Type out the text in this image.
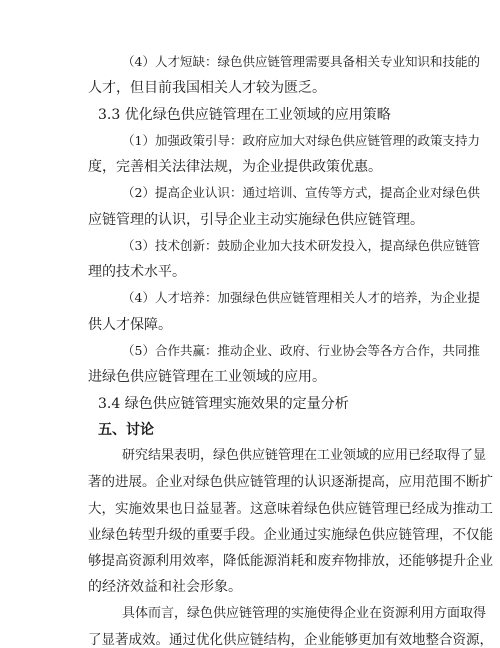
（4）人才短缺：绿色供应链管理需要具备相关专业知识和技能的
人才，但目前我国相关人才较为匮乏。
3.3 优化绿色供应链管理在工业领域的应用策略
（1）加强政策引导：政府应加大对绿色供应链管理的政策支持力
度，完善相关法律法规，为企业提供政策优惠。
（2）提高企业认识：通过培训、宣传等方式，提高企业对绿色供
应链管理的认识，引导企业主动实施绿色供应链管理。
（3）技术创新：鼓励企业加大技术研发投入，提高绿色供应链管
理的技术水平。
（4）人才培养：加强绿色供应链管理相关人才的培养，为企业提
供人才保障。
（5）合作共赢：推动企业、政府、行业协会等各方合作，共同推
进绿色供应链管理在工业领域的应用。
3.4 绿色供应链管理实施效果的定量分析
五、讨论
研究结果表明，绿色供应链管理在工业领域的应用已经取得了显
著的进展。企业对绿色供应链管理的认识逐渐提高，应用范围不断扩
大，实施效果也日益显著。这意味着绿色供应链管理已经成为推动工
业绿色转型升级的重要手段。企业通过实施绿色供应链管理，不仅能
够提高资源利用效率，降低能源消耗和废弃物排放，还能够提升企业
的经济效益和社会形象。
具体而言，绿色供应链管理的实施使得企业在资源利用方面取得
了显著成效。通过优化供应链结构，企业能够更加有效地整合资源，
